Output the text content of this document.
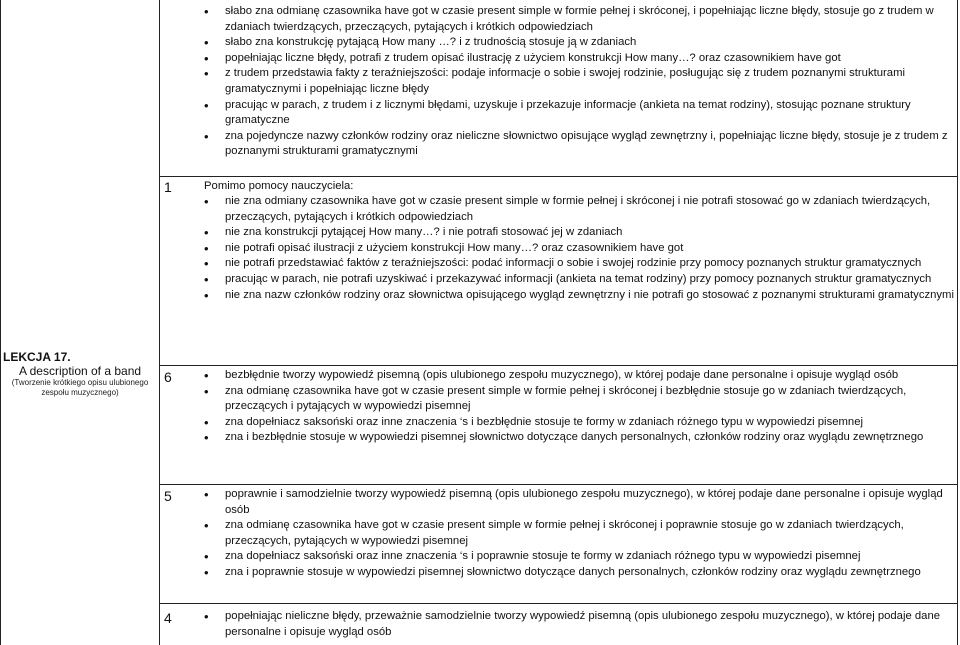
LEKCJA 17.
A description of a band
(Tworzenie krótkiego opisu ulubionego zespołu muzycznego)
• słabo zna odmianę czasownika have got w czasie present simple w formie pełnej i skróconej, i popełniając liczne błędy, stosuje go z trudem w zdaniach twierdzących, przeczących, pytających i krótkich odpowiedziach
• słabo zna konstrukcję pytającą How many …? i z trudnością stosuje ją w zdaniach
• popełniając liczne błędy, potrafi z trudem opisać ilustrację z użyciem konstrukcji How many…? oraz czasownikiem have got
• z trudem przedstawia fakty z teraźniejszości: podaje informacje o sobie i swojej rodzinie, posługując się z trudem poznanymi strukturami gramatycznymi i popełniając liczne błędy
• pracując w parach, z trudem i z licznymi błędami, uzyskuje i przekazuje informacje (ankieta na temat rodziny), stosując poznane struktury gramatyczne
• zna pojedyncze nazwy członków rodziny oraz nieliczne słownictwo opisujące wygląd zewnętrzny i, popełniając liczne błędy, stosuje je z trudem z poznanymi strukturami gramatycznymi
1	Pomimo pomocy nauczyciela:
• nie zna odmiany czasownika have got w czasie present simple w formie pełnej i skróconej i nie potrafi stosować go w zdaniach twierdzących, przeczących, pytających i krótkich odpowiedziach
• nie zna konstrukcji pytającej How many…? i nie potrafi stosować jej w zdaniach
• nie potrafi opisać ilustracji z użyciem konstrukcji How many…? oraz czasownikiem have got
• nie potrafi przedstawiać faktów z teraźniejszości: podać informacji o sobie i swojej rodzinie przy pomocy poznanych struktur gramatycznych
• pracując w parach, nie potrafi uzyskiwać i przekazywać informacji (ankieta na temat rodziny) przy pomocy poznanych struktur gramatycznych
• nie zna nazw członków rodziny oraz słownictwa opisującego wygląd zewnętrzny i nie potrafi go stosować z poznanymi strukturami gramatycznymi
6	• bezbłędnie tworzy wypowiedź pisemną (opis ulubionego zespołu muzycznego), w której podaje dane personalne i opisuje wygląd osób
• zna odmianę czasownika have got w czasie present simple w formie pełnej i skróconej i bezbłędnie stosuje go w zdaniach twierdzących, przeczących i pytających w wypowiedzi pisemnej
• zna dopełniacz saksoński oraz inne znaczenia ‘s i bezbłędnie stosuje te formy w zdaniach różnego typu w wypowiedzi pisemnej
• zna i bezbłędnie stosuje w wypowiedzi pisemnej słownictwo dotyczące danych personalnych, członków rodziny oraz wyglądu zewnętrznego
5	• poprawnie i samodzielnie tworzy wypowiedź pisemną (opis ulubionego zespołu muzycznego), w której podaje dane personalne i opisuje wygląd osób
• zna odmianę czasownika have got w czasie present simple w formie pełnej i skróconej i poprawnie stosuje go w zdaniach twierdzących, przeczących, pytających w wypowiedzi pisemnej
• zna dopełniacz saksoński oraz inne znaczenia ‘s i poprawnie stosuje te formy w zdaniach różnego typu w wypowiedzi pisemnej
• zna i poprawnie stosuje w wypowiedzi pisemnej słownictwo dotyczące danych personalnych, członków rodziny oraz wyglądu zewnętrznego
4	• popełniając nieliczne błędy, przeważnie samodzielnie tworzy wypowiedź pisemną (opis ulubionego zespołu muzycznego), w której podaje dane personalne i opisuje wygląd osób
